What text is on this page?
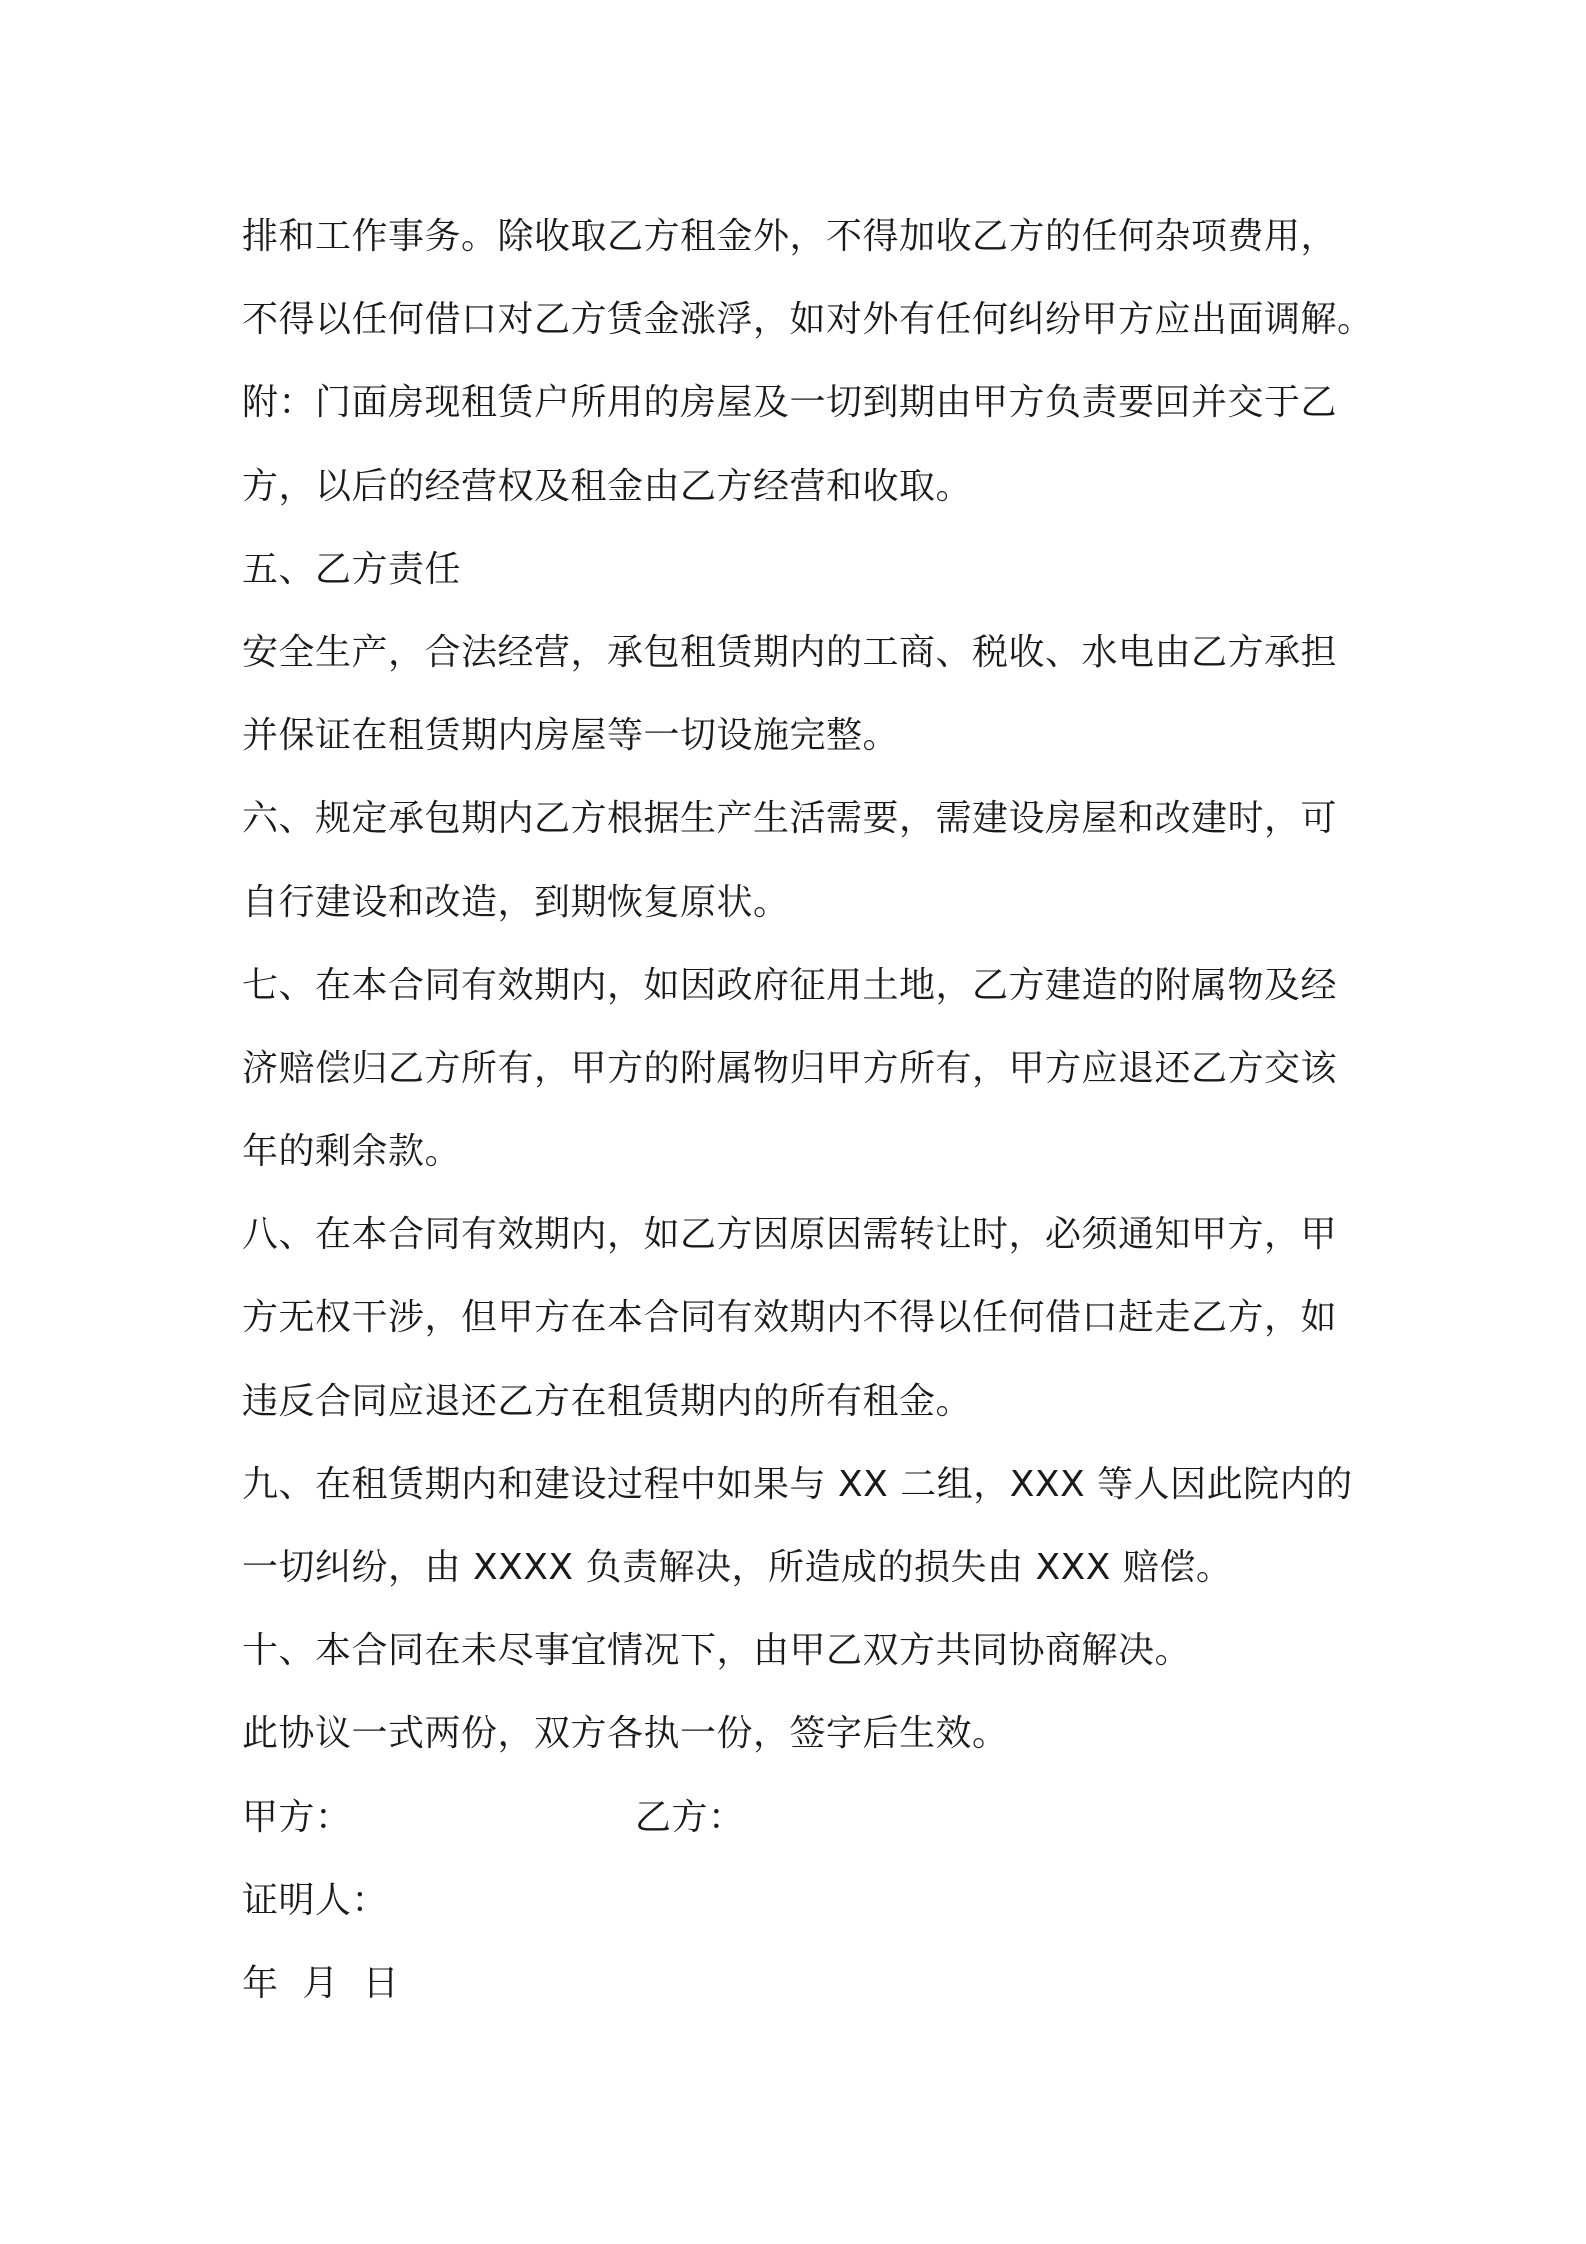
排和工作事务。除收取乙方租金外，不得加收乙方的任何杂项费用，
不得以任何借口对乙方赁金涨浮，如对外有任何纠纷甲方应出面调解。
附：门面房现租赁户所用的房屋及一切到期由甲方负责要回并交于乙
方，以后的经营权及租金由乙方经营和收取。
五、乙方责任
安全生产，合法经营，承包租赁期内的工商、税收、水电由乙方承担
并保证在租赁期内房屋等一切设施完整。
六、规定承包期内乙方根据生产生活需要，需建设房屋和改建时，可
自行建设和改造，到期恢复原状。
七、在本合同有效期内，如因政府征用土地，乙方建造的附属物及经
济赔偿归乙方所有，甲方的附属物归甲方所有，甲方应退还乙方交该
年的剩余款。
八、在本合同有效期内，如乙方因原因需转让时，必须通知甲方，甲
方无权干涉，但甲方在本合同有效期内不得以任何借口赶走乙方，如
违反合同应退还乙方在租赁期内的所有租金。
九、在租赁期内和建设过程中如果与 XX 二组，XXX 等人因此院内的
一切纠纷，由 XXXX 负责解决，所造成的损失由 XXX 赔偿。
十、本合同在未尽事宜情况下，由甲乙双方共同协商解决。
此协议一式两份，双方各执一份，签字后生效。
甲方：	乙方：
证明人：
年  月  日
